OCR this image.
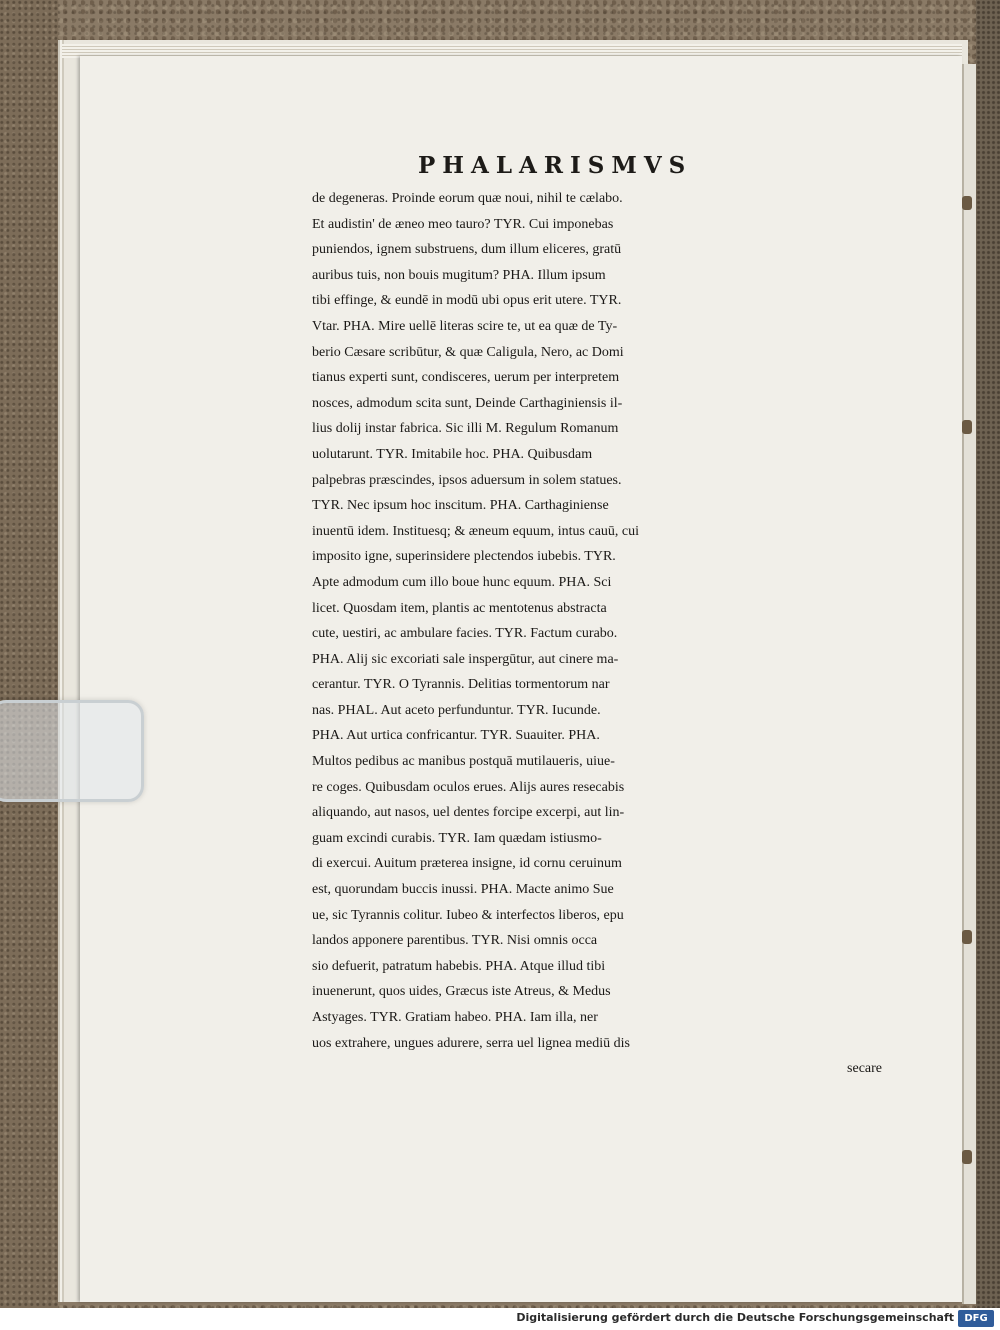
PHALARISMVS
de degeneras. Proinde eorum quæ noui, nihil te cælabo.
Et audistin' de æneo meo tauro? TYR. Cui imponebas
puniendos, ignem substruens, dum illum eliceres, gratū
auribus tuis, non bouis mugitum? PHA. Illum ipsum
tibi effinge, & eundē in modū ubi opus erit utere. TYR.
Vtar. PHA. Mire uellē literas scire te, ut ea quæ de Ty-
berio Cæsare scribūtur, & quæ Caligula, Nero, ac Domi
tianus experti sunt, condisceres, uerum per interpretem
nosces, admodum scita sunt, Deinde Carthaginiensis il-
lius dolij instar fabrica. Sic illi M. Regulum Romanum
uolutarunt. TYR. Imitabile hoc. PHA. Quibusdam
palpebras præscindes, ipsos aduersum in solem statues.
TYR. Nec ipsum hoc inscitum. PHA. Carthaginiense
inuentū idem. Instituesq; & æneum equum, intus cauū, cui
imposito igne, superinsidere plectendos iubebis. TYR.
Apte admodum cum illo boue hunc equum. PHA. Sci
licet. Quosdam item, plantis ac mentotenus abstracta
cute, uestiri, ac ambulare facies. TYR. Factum curabo.
PHA. Alij sic excoriati sale inspergūtur, aut cinere ma-
cerantur. TYR. O Tyrannis. Delitias tormentorum nar
nas. PHAL. Aut aceto perfunduntur. TYR. Iucunde.
PHA. Aut urtica confricantur. TYR. Suauiter. PHA.
Multos pedibus ac manibus postquā mutilaueris, uiue-
re coges. Quibusdam oculos erues. Alijs aures resecabis
aliquando, aut nasos, uel dentes forcipe excerpi, aut lin-
guam excindi curabis. TYR. Iam quædam istiusmo-
di exercui. Auitum præterea insigne, id cornu ceruinum
est, quorundam buccis inussi. PHA. Macte animo Sue
ue, sic Tyrannis colitur. Iubeo & interfectos liberos, epu
landos apponere parentibus. TYR. Nisi omnis occa
sio defuerit, patratum habebis. PHA. Atque illud tibi
inuenerunt, quos uides, Græcus iste Atreus, & Medus
Astyages. TYR. Gratiam habeo. PHA. Iam illa, ner
uos extrahere, ungues adurere, serra uel lignea mediū dis
secare
Digitalisierung gefördert durch die Deutsche Forschungsgemeinschaft	DFG
